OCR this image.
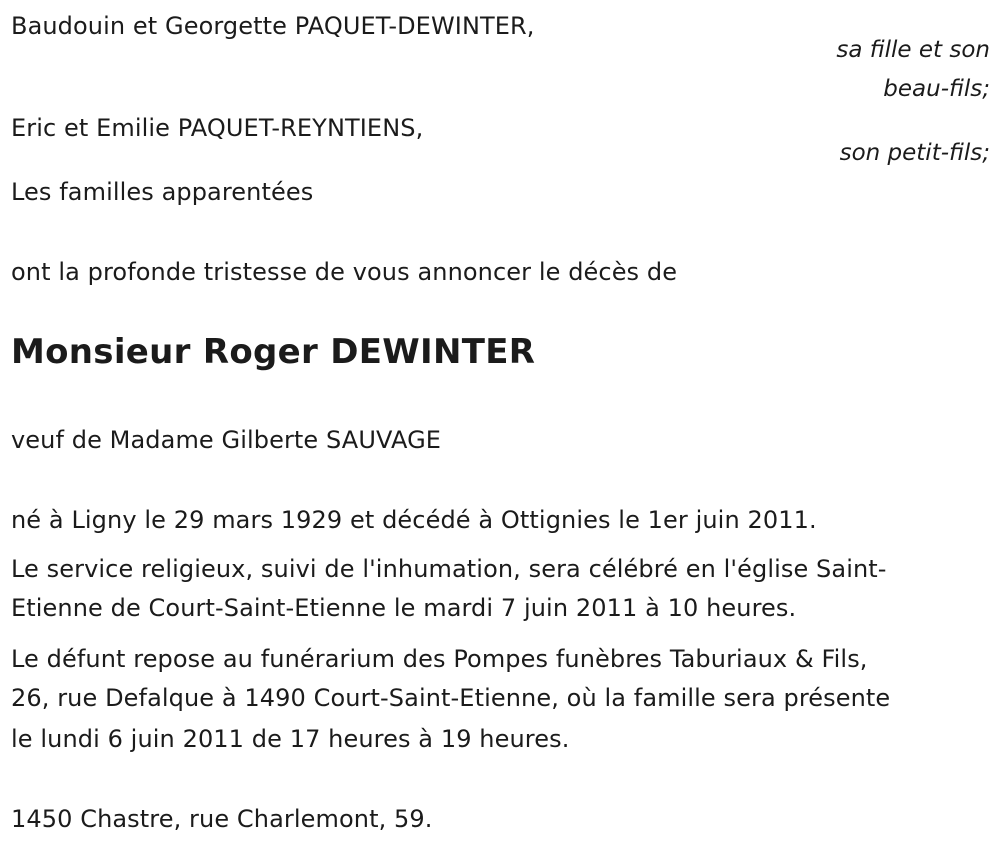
Baudouin et Georgette PAQUET-DEWINTER,
sa fille et son
beau-fils;
Eric et Emilie PAQUET-REYNTIENS,
son petit-fils;
Les familles apparentées
ont la profonde tristesse de vous annoncer le décès de
Monsieur Roger DEWINTER
veuf de Madame Gilberte SAUVAGE
né à Ligny le 29 mars 1929 et décédé à Ottignies le 1er juin 2011.
Le service religieux, suivi de l'inhumation, sera célébré en l'église Saint-
Etienne de Court-Saint-Etienne le mardi 7 juin 2011 à 10 heures.
Le défunt repose au funérarium des Pompes funèbres Taburiaux & Fils,
26, rue Defalque à 1490 Court-Saint-Etienne, où la famille sera présente
le lundi 6 juin 2011 de 17 heures à 19 heures.
1450 Chastre, rue Charlemont, 59.
